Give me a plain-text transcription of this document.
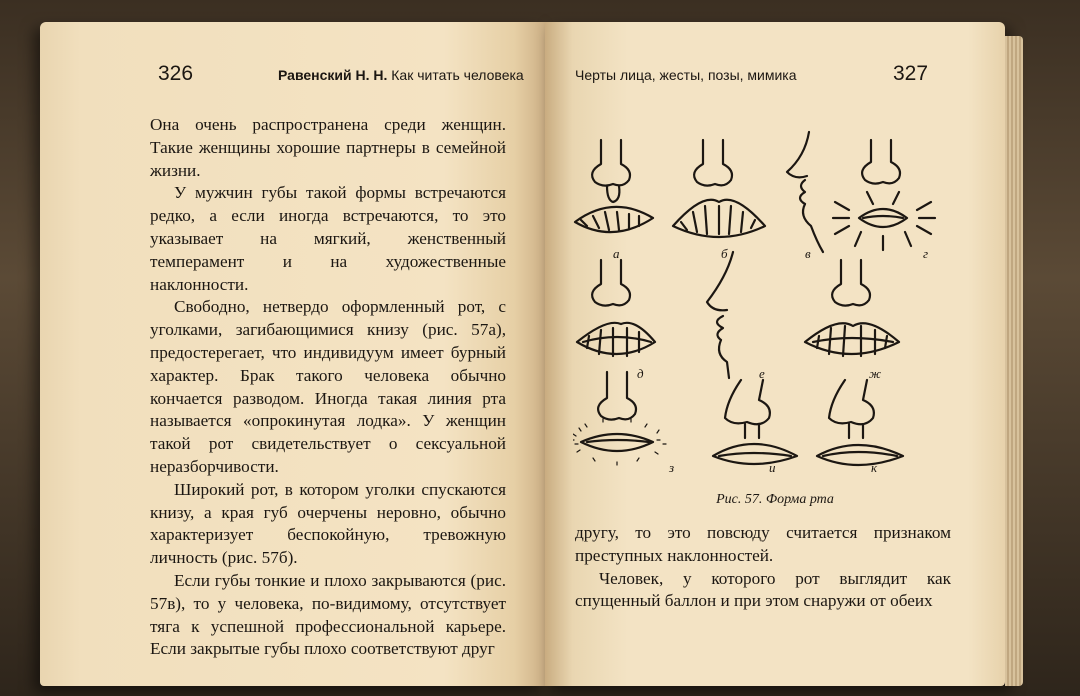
326	Равенский Н. Н. Как читать человека

Она очень распространена среди женщин. Такие женщины хорошие партнеры в семейной жизни.

У мужчин губы такой формы встречаются редко, а если иногда встречаются, то это указывает на мягкий, женственный темперамент и на художественные наклонности.

Свободно, нетвердо оформленный рот, с уголками, загибающимися книзу (рис. 57а), предостерегает, что индивидуум имеет бурный характер. Брак такого человека обычно кончается разводом. Иногда такая линия рта называется «опрокинутая лодка». У женщин такой рот свидетельствует о сексуальной неразборчивости.

Широкий рот, в котором уголки спускаются книзу, а края губ очерчены неровно, обычно характеризует беспокойную, тревожную личность (рис. 57б).

Если губы тонкие и плохо закрываются (рис. 57в), то у человека, по-видимому, отсутствует тяга к успешной профессиональной карьере. Если закрытые губы плохо соответствуют друг

Черты лица, жесты, позы, мимика	327
а	б	в	г
д	е	ж
з	и	к
Рис. 57. Форма рта

другу, то это повсюду считается признаком преступных наклонностей.

Человек, у которого рот выглядит как спущенный баллон и при этом снаружи от обеих
